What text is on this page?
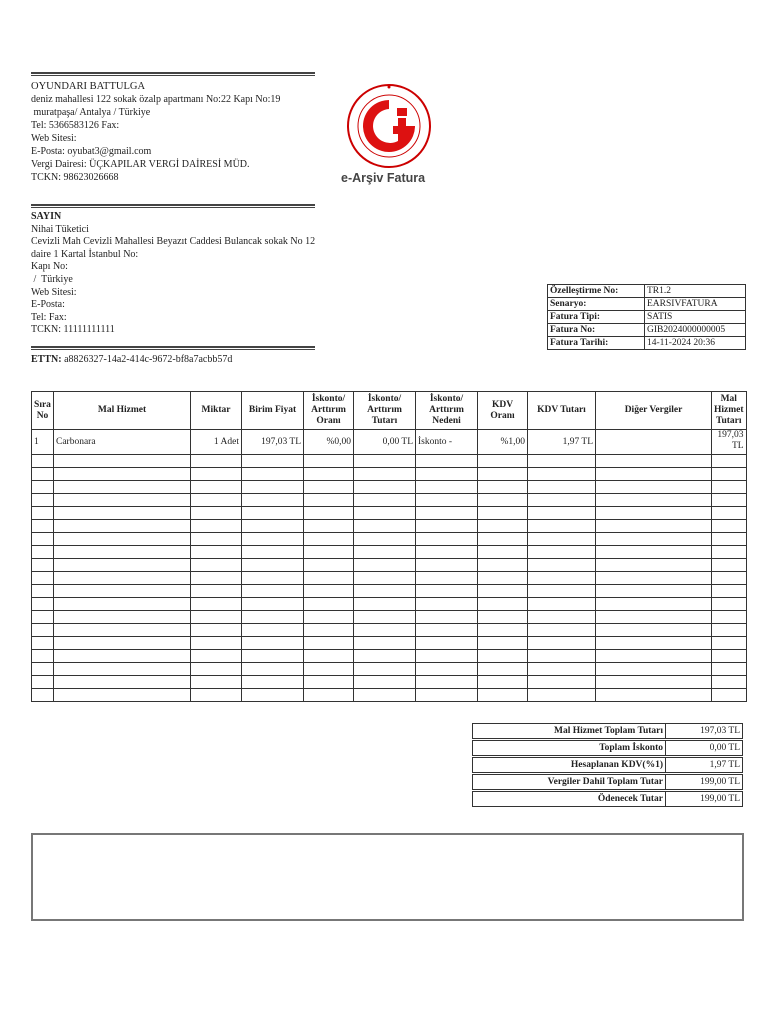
OYUNDARI BATTULGA
deniz mahallesi 122 sokak özalp apartmanı No:22 Kapı No:19
muratpaşa/ Antalya / Türkiye
Tel: 5366583126 Fax:
Web Sitesi:
E-Posta: oyubat3@gmail.com
Vergi Dairesi: ÜÇKAPILAR VERGİ DAİRESİ MÜD.
TCKN: 98623026668	e-Arşiv Fatura
SAYIN
Nihai Tüketici
Cevizli Mah Cevizli Mahallesi Beyazıt Caddesi Bulancak sokak No 12
daire 1 Kartal İstanbul No:
Kapı No:
/  Türkiye
Web Sitesi:
E-Posta:
Tel: Fax:
TCKN: 11111111111
ETTN: a8826327-14a2-414c-9672-bf8a7acbb57d
Özelleştirme No:	TR1.2
Senaryo:	EARSIVFATURA
Fatura Tipi:	SATIS
Fatura No:	GIB2024000000005
Fatura Tarihi:	14-11-2024 20:36
Sıra No	Mal Hizmet	Miktar	Birim Fiyat	İskonto/ Arttırım Oranı	İskonto/ Arttırım Tutarı	İskonto/ Arttırım Nedeni	KDV Oranı	KDV Tutarı	Diğer Vergiler	Mal Hizmet Tutarı
1	Carbonara	1 Adet	197,03 TL	%0,00	0,00 TL	İskonto -	%1,00	1,97 TL		197,03 TL

Mal Hizmet Toplam Tutarı	197,03 TL

Toplam İskonto	0,00 TL

Hesaplanan KDV(%1)	1,97 TL

Vergiler Dahil Toplam Tutar	199,00 TL

Ödenecek Tutar	199,00 TL
